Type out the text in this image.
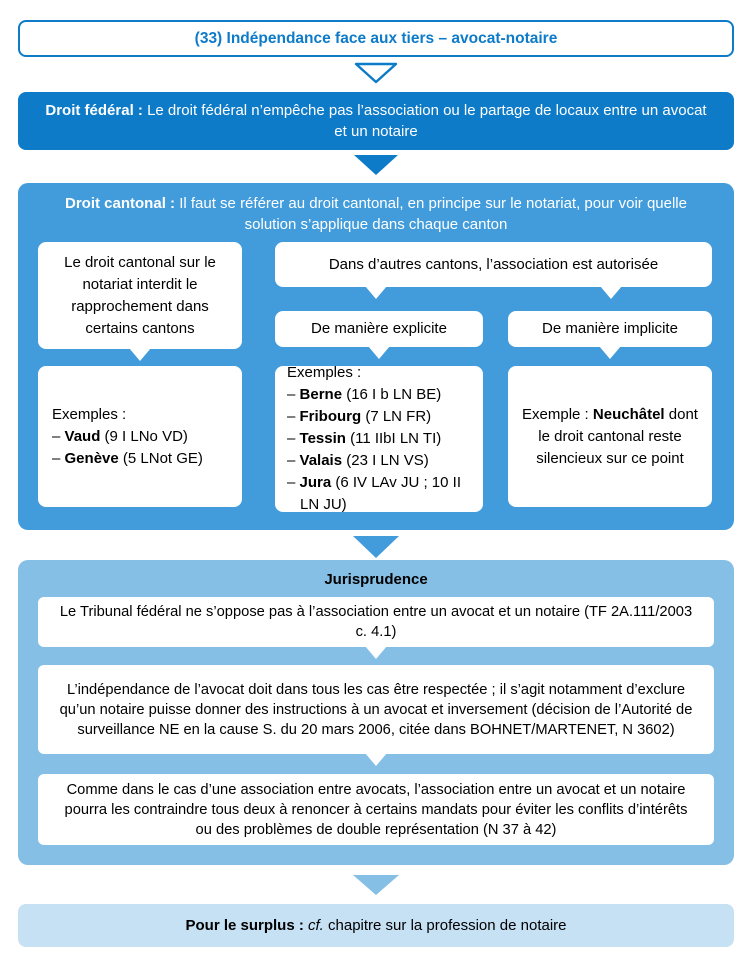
(33) Indépendance face aux tiers – avocat-notaire
Droit fédéral : Le droit fédéral n’empêche pas l’association ou le partage de locaux entre un avocat et un notaire
Droit cantonal : Il faut se référer au droit cantonal, en principe sur le notariat, pour voir quelle solution s’applique dans chaque canton
Le droit cantonal sur le notariat interdit le rapprochement dans certains cantons
Dans d’autres cantons, l’association est autorisée
De manière explicite	De manière implicite
Exemples :
– Vaud (9 I LNo VD)
– Genève (5 LNot GE)
Exemples :
– Berne (16 I b LN BE)
– Fribourg (7 LN FR)
– Tessin (11 IIbI LN TI)
– Valais (23 I LN VS)
– Jura (6 IV LAv JU ; 10 II LN JU)
Exemple : Neuchâtel dont le droit cantonal reste silencieux sur ce point
Jurisprudence
Le Tribunal fédéral ne s’oppose pas à l’association entre un avocat et un notaire (TF 2A.111/2003 c. 4.1)
L’indépendance de l’avocat doit dans tous les cas être respectée ; il s’agit notamment d’exclure qu’un notaire puisse donner des instructions à un avocat et inversement (décision de l’Autorité de surveillance NE en la cause S. du 20 mars 2006, citée dans BOHNET/MARTENET, N 3602)
Comme dans le cas d’une association entre avocats, l’association entre un avocat et un notaire pourra les contraindre tous deux à renoncer à certains mandats pour éviter les conflits d’intérêts ou des problèmes de double représentation (N 37 à 42)
Pour le surplus : cf. chapitre sur la profession de notaire
